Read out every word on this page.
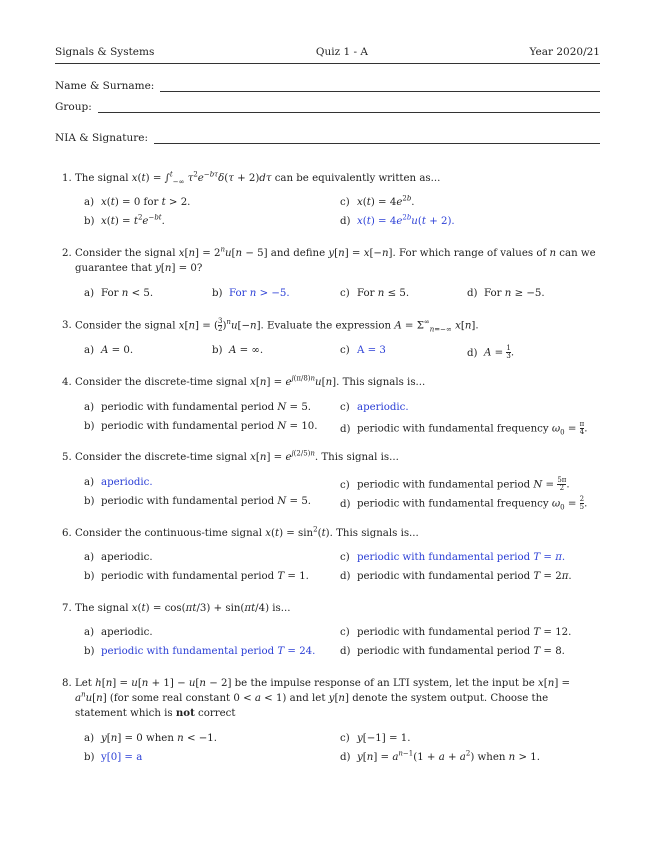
Signals & Systems	Quiz 1 - A	Year 2020/21
Name & Surname:
Group:
NIA & Signature:
1. The signal x(t) = ∫$^t_{-\infty}$ $\tau^2e^{-b\tau}\delta(\tau + 2)d\tau$ can be equivalently written as...
a) x(t) = 0 for t > 2.	c) $x(t) = 4e^{2b}$.
b) $x(t) = t^2e^{-bt}$.	d) $x(t) = 4e^{2b}u(t + 2)$.
2. Consider the signal $x[n] = 2^nu[n - 5]$ and define y[n] = x[−n]. For which range of values of n can we guarantee that y[n] = 0?
a) For n < 5.	b) For n > −5.	c) For n ≤ 5.	d) For n ≥ −5.
3. Consider the signal x[n] = ( $\frac{3}{2} )^nu[-n]$. Evaluate the expression $A = \Sigma^\infty_{n=-\infty}$ x[n].
a) A = 0.	b) A = ∞.	c) A = 3	d) $A = \frac{1}{3}$ .
4. Consider the discrete-time signal $x[n] = e^{j(\pi/8)n}u[n]$. This signals is...
a) periodic with fundamental period N = 5.	c) aperiodic.
b) periodic with fundamental period N = 10. d) periodic with fundamental frequency $\omega_0 = \frac{\pi}{4}$ .
5. Consider the discrete-time signal $x[n] = e^{j(2/5)n}$. This signal is...
a) aperiodic.	c) periodic with fundamental period $N = \frac{5\pi}{2}$ .
b) periodic with fundamental period N = 5.	d) periodic with fundamental frequency $\omega_0 = \frac{2}{5}$ .
6. Consider the continuous-time signal $x(t) = \sin^2(t)$. This signals is...
a) aperiodic.	c) periodic with fundamental period T = π.
b) periodic with fundamental period T = 1.	d) periodic with fundamental period T = 2π.
7. The signal x(t) = cos(πt/3) + sin(πt/4) is...
a) aperiodic.	c) periodic with fundamental period T = 12.
b) periodic with fundamental period T = 24. d) periodic with fundamental period T = 8.
8. Let h[n] = u[n + 1] − u[n − 2] be the impulse response of an LTI system, let the input be $x[n] = a^nu[n]$ (for some real constant 0 < a < 1) and let y[n] denote the system output. Choose the statement which is not correct
a) y[n] = 0 when n < −1.	c) y[−1] = 1.
b) y[0] = a	d) $y[n] = a^{n-1}(1 + a + a^2)$ when n > 1.
